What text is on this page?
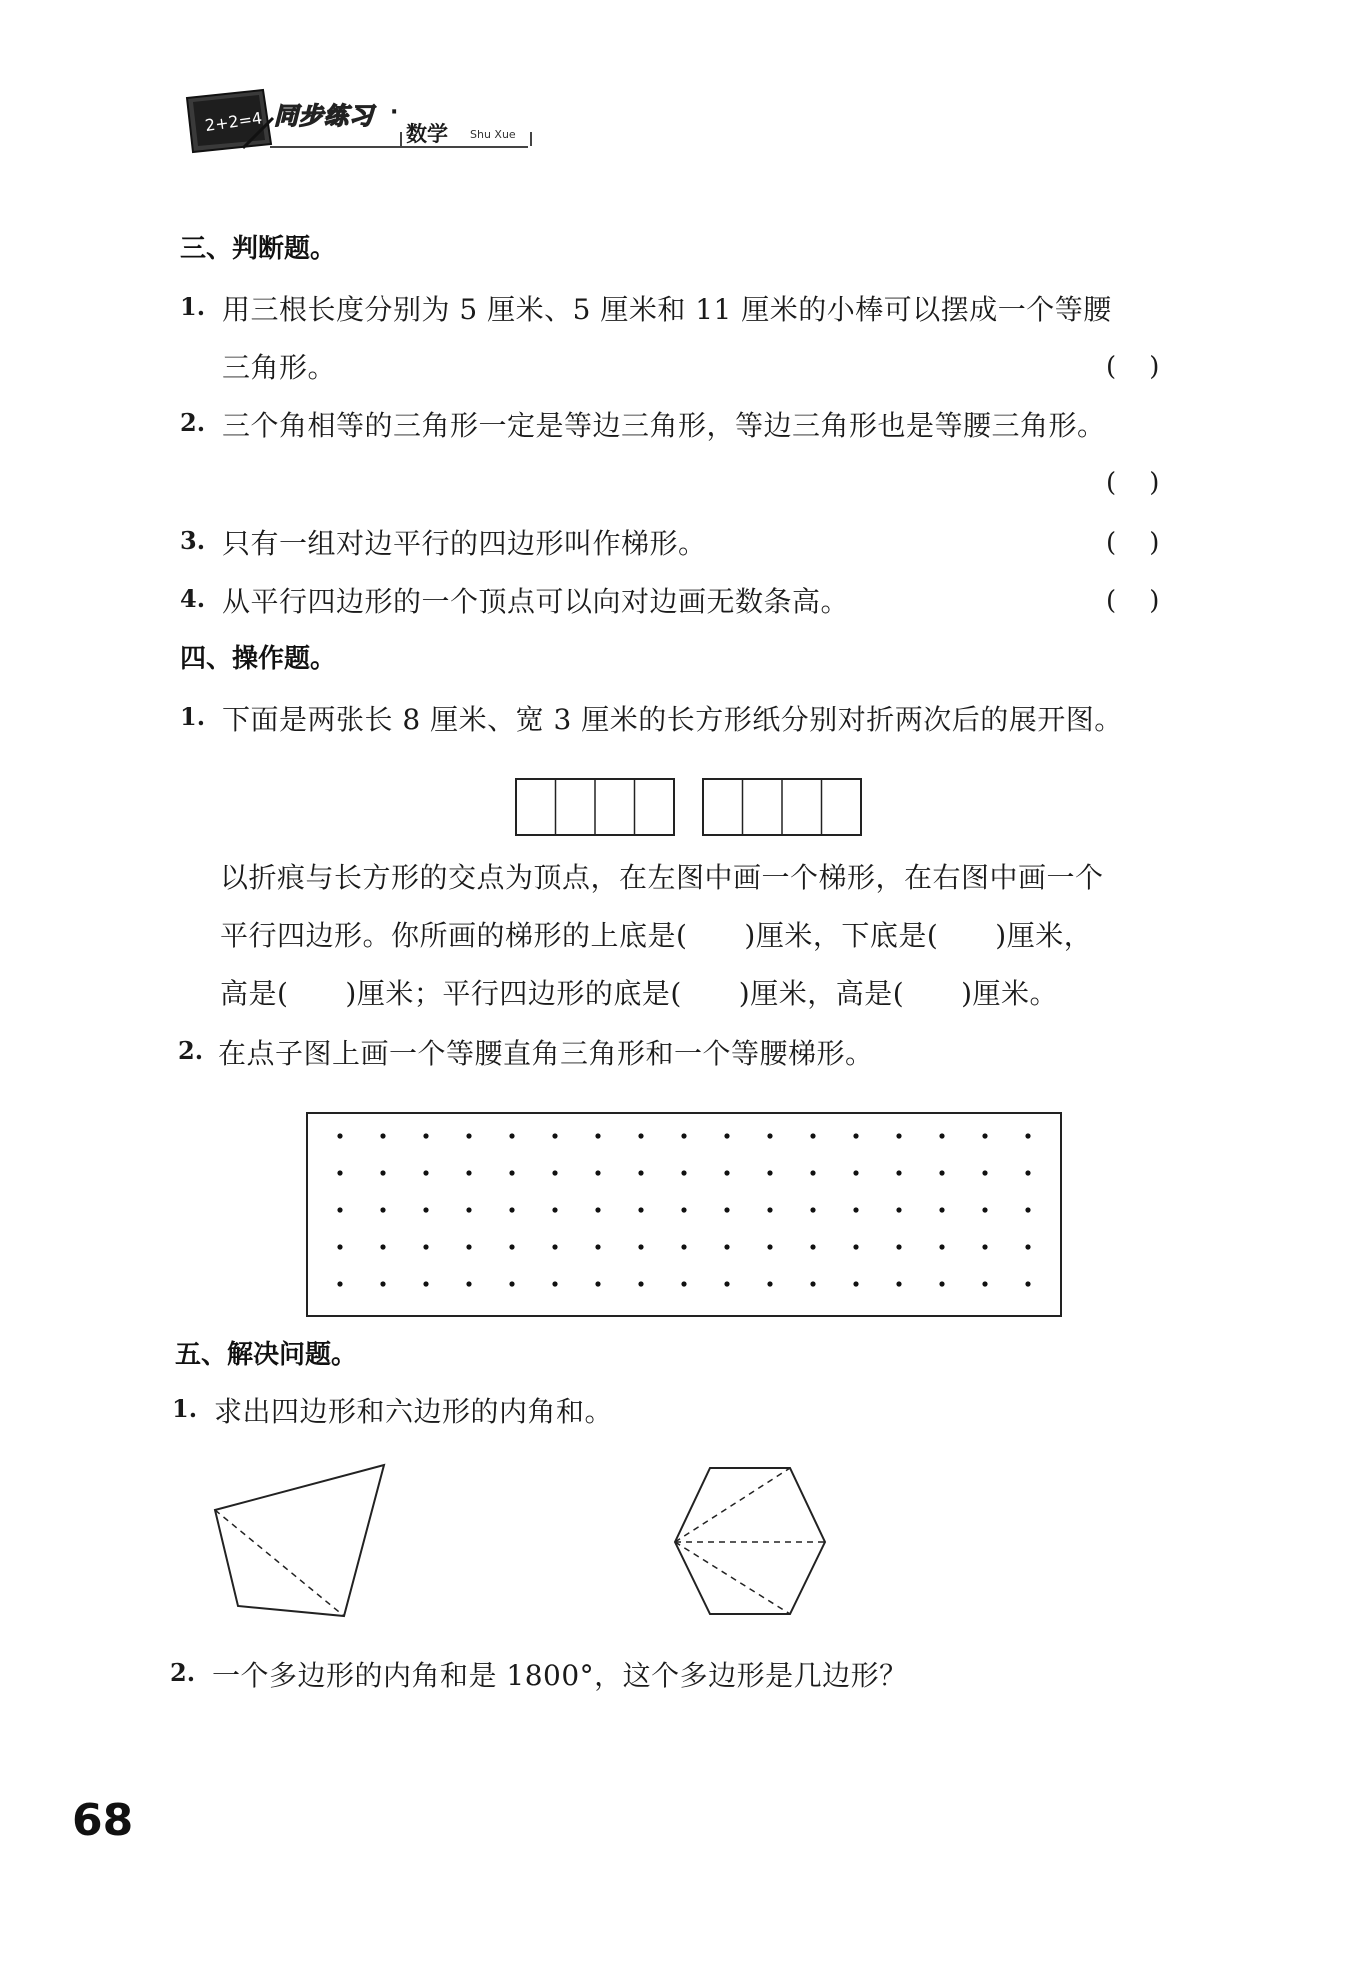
2+2=4 同步练习 ·
数学 Shu Xue
三、判断题。
1. 用三根长度分别为 5 厘米、5 厘米和 11 厘米的小棒可以摆成一个等腰
三角形。	(    )
2. 三个角相等的三角形一定是等边三角形，等边三角形也是等腰三角形。
(    )
3. 只有一组对边平行的四边形叫作梯形。	(    )
4. 从平行四边形的一个顶点可以向对边画无数条高。	(    )
四、操作题。
1. 下面是两张长 8 厘米、宽 3 厘米的长方形纸分别对折两次后的展开图。
以折痕与长方形的交点为顶点，在左图中画一个梯形，在右图中画一个
平行四边形。你所画的梯形的上底是(　　)厘米，下底是(　　)厘米，
高是(　　)厘米；平行四边形的底是(　　)厘米，高是(　　)厘米。
2. 在点子图上画一个等腰直角三角形和一个等腰梯形。
五、解决问题。
1. 求出四边形和六边形的内角和。
2. 一个多边形的内角和是 1800°，这个多边形是几边形？
68
